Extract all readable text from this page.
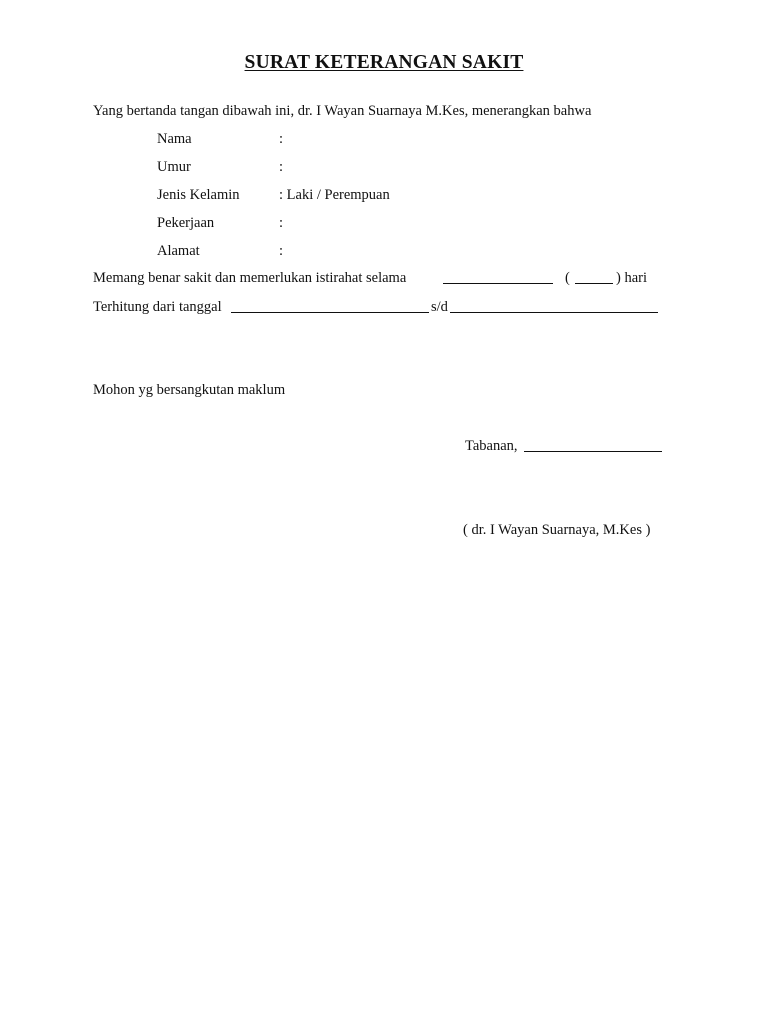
SURAT KETERANGAN SAKIT
Yang bertanda tangan dibawah ini, dr. I Wayan Suarnaya M.Kes, menerangkan bahwa
Nama	:
Umur	:
Jenis Kelamin	: Laki / Perempuan
Pekerjaan	:
Alamat	:
Memang benar sakit dan memerlukan istirahat selama	(	) hari
Terhitung dari tanggal	s/d
Mohon yg bersangkutan maklum
Tabanan,
( dr. I Wayan Suarnaya, M.Kes )
